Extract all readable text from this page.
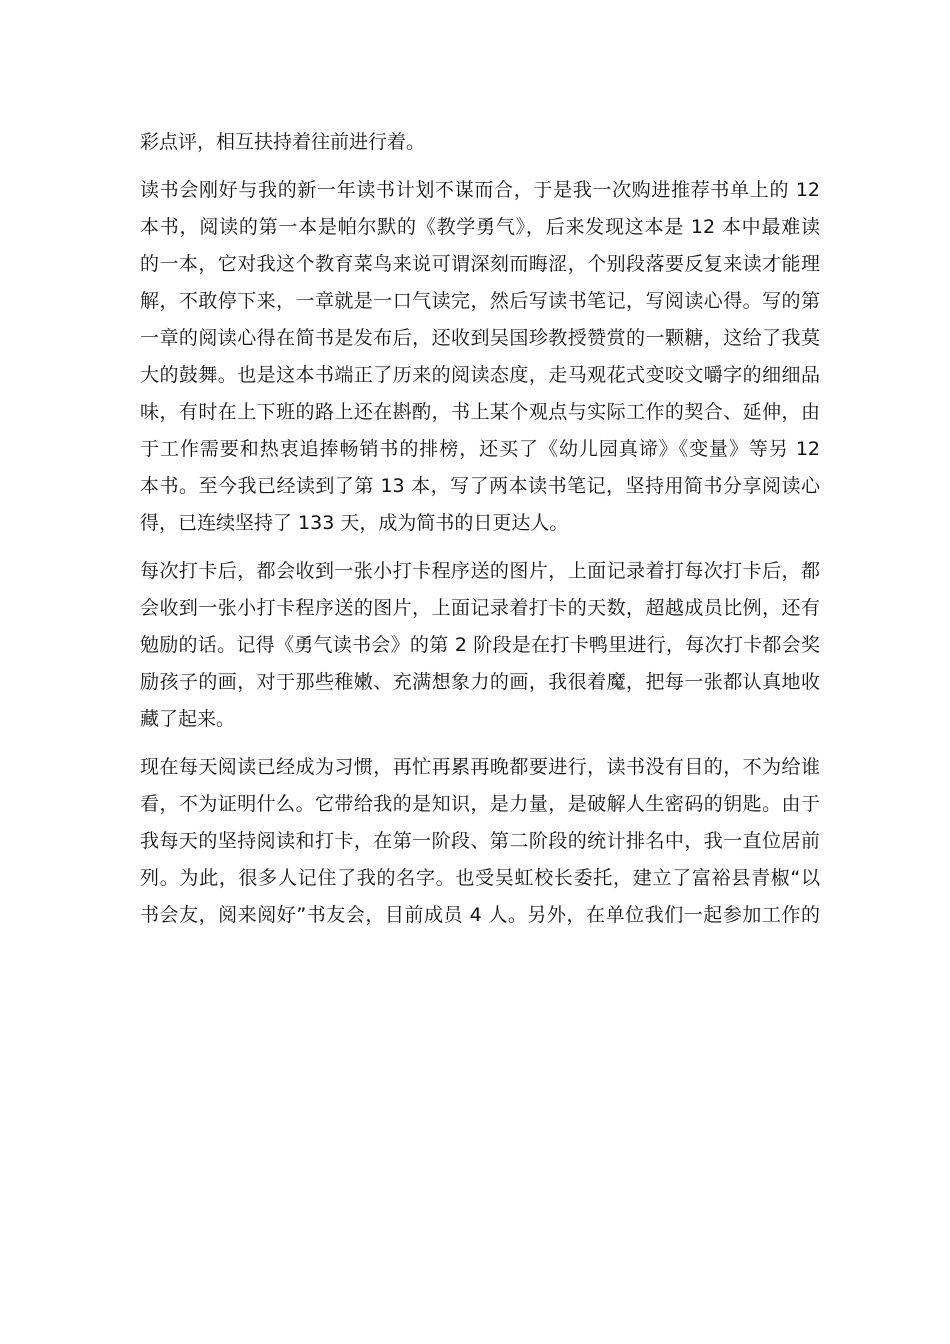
彩点评，相互扶持着往前进行着。
读书会刚好与我的新一年读书计划不谋而合，于是我一次购进推荐书单上的 12
本书，阅读的第一本是帕尔默的《教学勇气》，后来发现这本是 12 本中最难读
的一本，它对我这个教育菜鸟来说可谓深刻而晦涩，个别段落要反复来读才能理
解，不敢停下来，一章就是一口气读完，然后写读书笔记，写阅读心得。写的第
一章的阅读心得在简书是发布后，还收到吴国珍教授赞赏的一颗糖，这给了我莫
大的鼓舞。也是这本书端正了历来的阅读态度，走马观花式变咬文嚼字的细细品
味，有时在上下班的路上还在斟酌，书上某个观点与实际工作的契合、延伸，由
于工作需要和热衷追捧畅销书的排榜，还买了《幼儿园真谛》《变量》等另 12
本书。至今我已经读到了第 13 本，写了两本读书笔记，坚持用简书分享阅读心
得，已连续坚持了 133 天，成为简书的日更达人。
每次打卡后，都会收到一张小打卡程序送的图片，上面记录着打每次打卡后，都
会收到一张小打卡程序送的图片，上面记录着打卡的天数，超越成员比例，还有
勉励的话。记得《勇气读书会》的第 2 阶段是在打卡鸭里进行，每次打卡都会奖
励孩子的画，对于那些稚嫩、充满想象力的画，我很着魔，把每一张都认真地收
藏了起来。
现在每天阅读已经成为习惯，再忙再累再晚都要进行，读书没有目的，不为给谁
看，不为证明什么。它带给我的是知识，是力量，是破解人生密码的钥匙。由于
我每天的坚持阅读和打卡，在第一阶段、第二阶段的统计排名中，我一直位居前
列。为此，很多人记住了我的名字。也受吴虹校长委托，建立了富裕县青椒“以
书会友，阅来阅好”书友会，目前成员 4 人。另外，在单位我们一起参加工作的
